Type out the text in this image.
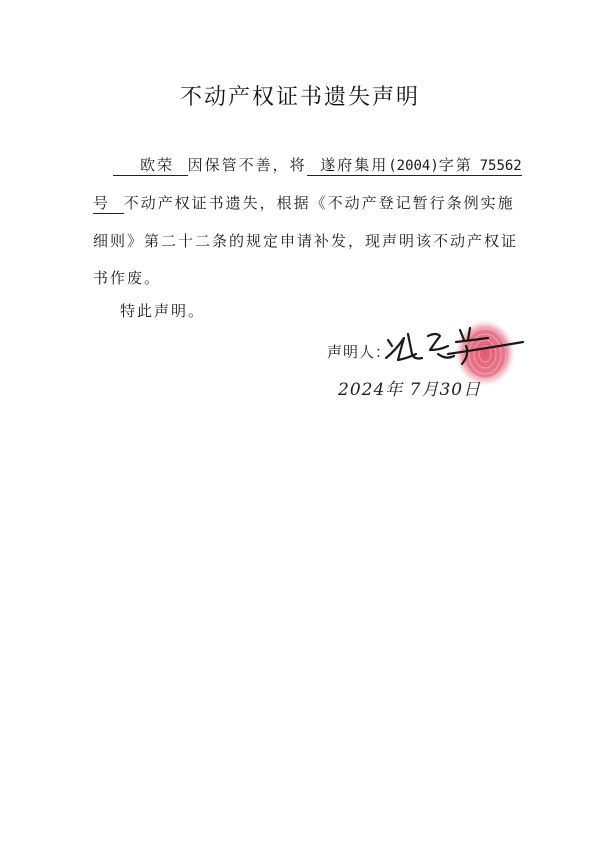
不动产权证书遗失声明
欧荣 因保管不善，将 遂府集用(2004)字第 75562
号 不动产权证书遗失，根据《不动产登记暂行条例实施
细则》第二十二条的规定申请补发，现声明该不动产权证
书作废。
特此声明。
声明人：
2024年 7月30日
